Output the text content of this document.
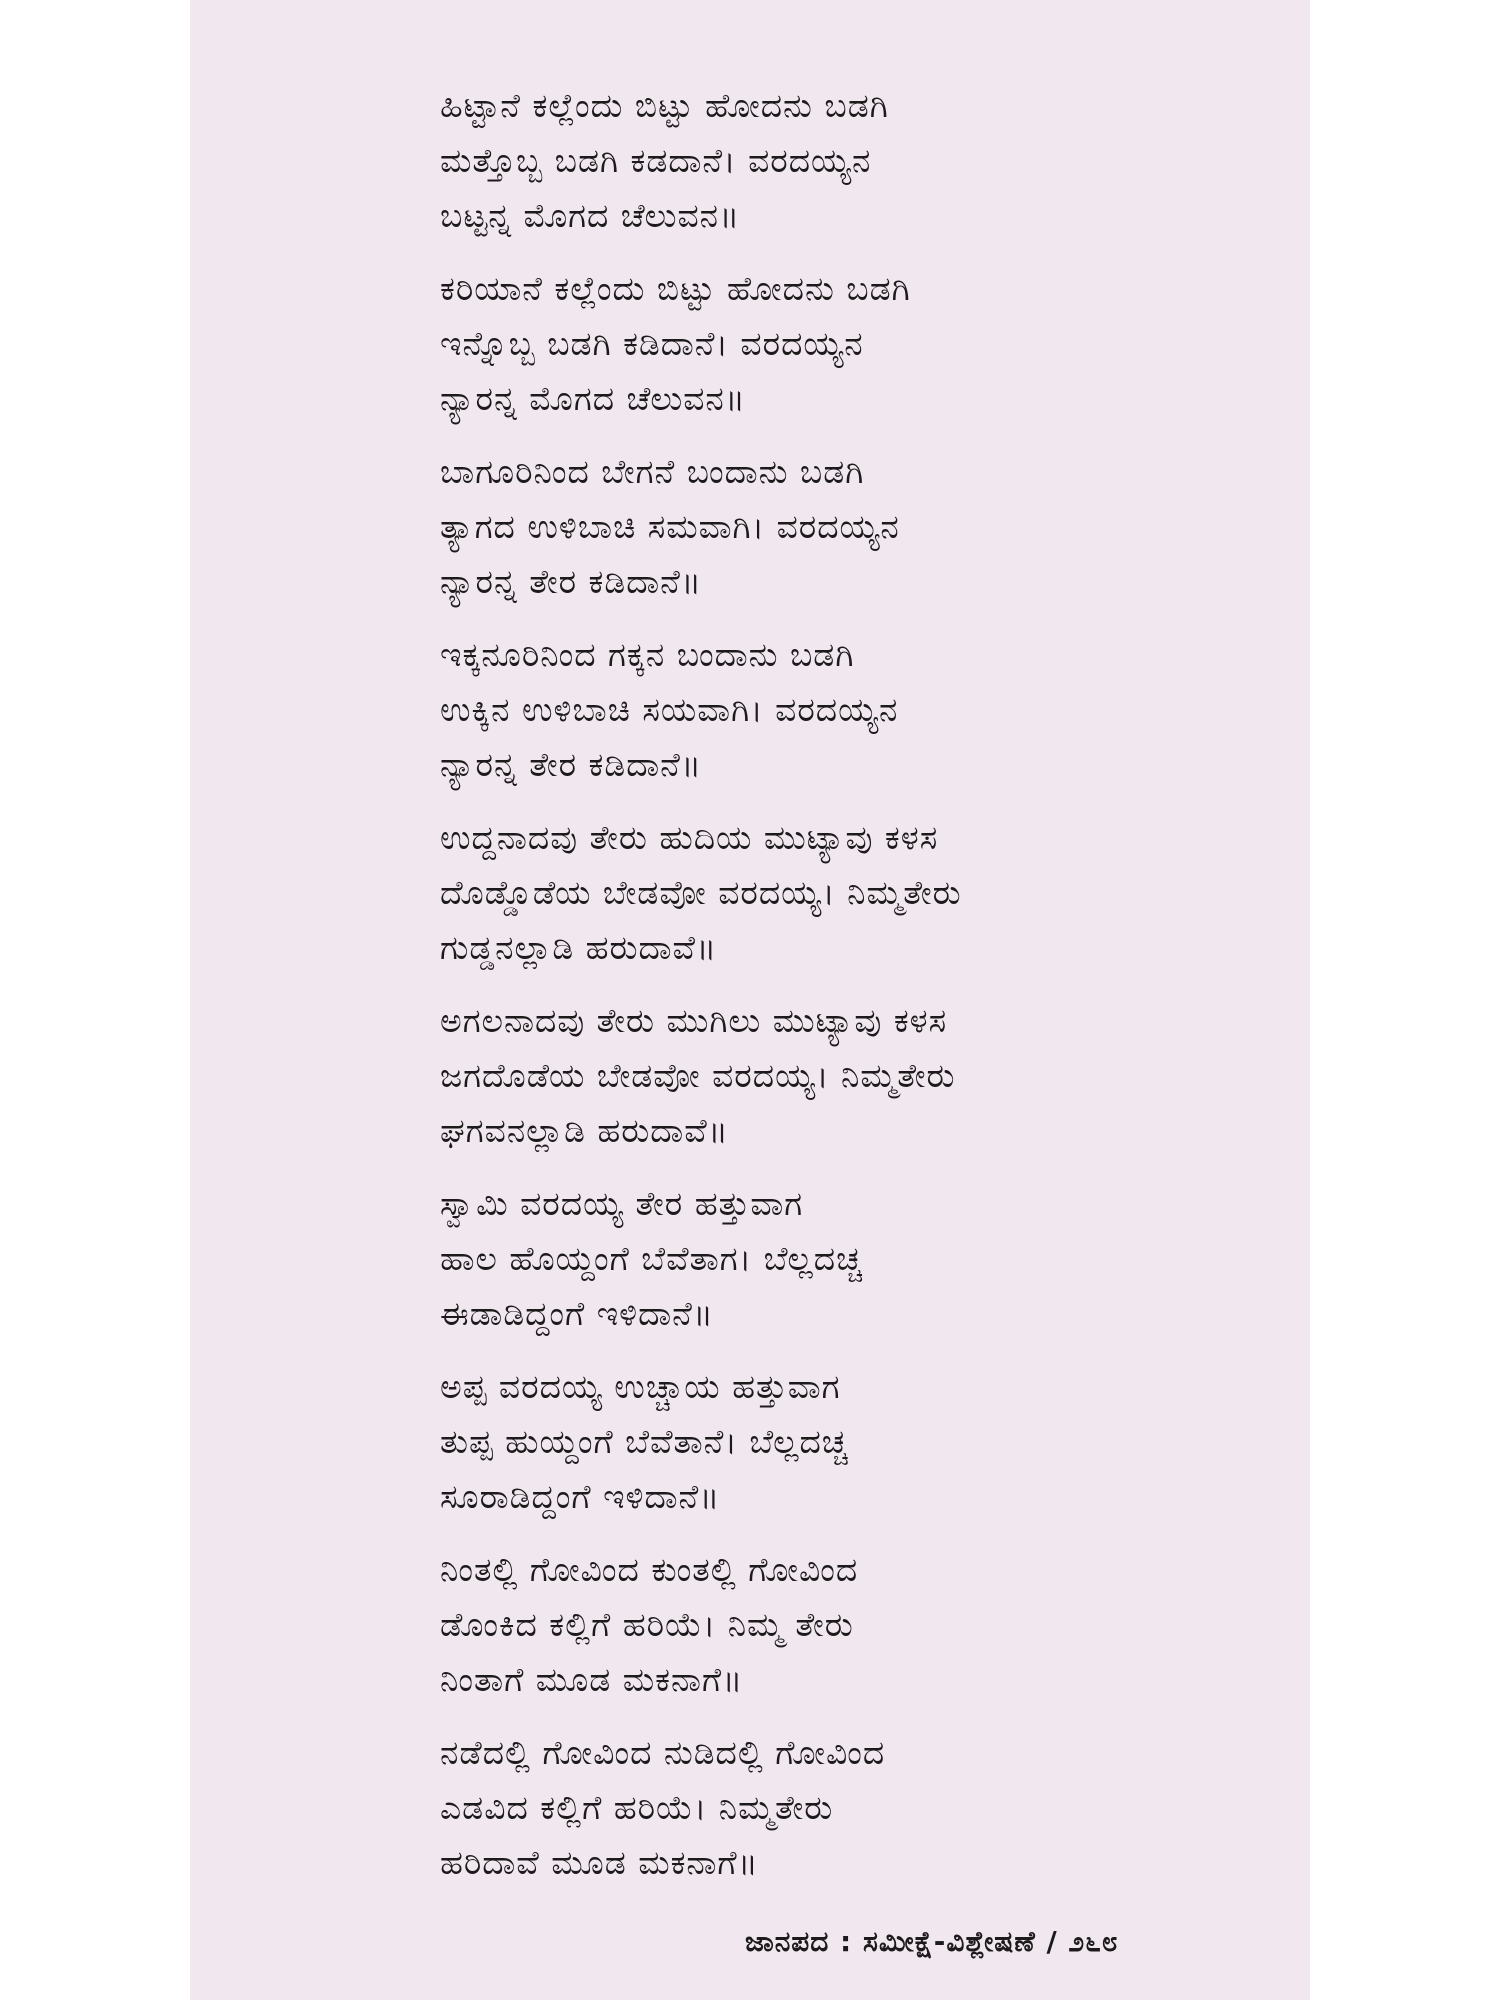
ಹಿಟ್ಟಾನೆ ಕಲ್ಲೆಂದು ಬಿಟ್ಟು ಹೋದನು ಬಡಗಿ
ಮತ್ತೊಬ್ಬ ಬಡಗಿ ಕಡದಾನೆ। ವರದಯ್ಯನ
ಬಟ್ಟನ್ನ ಮೊಗದ ಚೆಲುವನ॥
ಕರಿಯಾನೆ ಕಲ್ಲೆಂದು ಬಿಟ್ಟು ಹೋದನು ಬಡಗಿ
ಇನ್ನೊಬ್ಬ ಬಡಗಿ ಕಡಿದಾನೆ। ವರದಯ್ಯನ
ನ್ಯಾರನ್ನ ಮೊಗದ ಚೆಲುವನ॥
ಬಾಗೂರಿನಿಂದ ಬೇಗನೆ ಬಂದಾನು ಬಡಗಿ
ತ್ಯಾಗದ ಉಳಿಬಾಚಿ ಸಮವಾಗಿ। ವರದಯ್ಯನ
ನ್ಯಾರನ್ನ ತೇರ ಕಡಿದಾನೆ॥
ಇಕ್ಕನೂರಿನಿಂದ ಗಕ್ಕನ ಬಂದಾನು ಬಡಗಿ
ಉಕ್ಕಿನ ಉಳಿಬಾಚಿ ಸಯವಾಗಿ। ವರದಯ್ಯನ
ನ್ಯಾರನ್ನ ತೇರ ಕಡಿದಾನೆ॥
ಉದ್ದನಾದವು ತೇರು ಹುದಿಯ ಮುಟ್ಯಾವು ಕಳಸ
ದೊಡ್ಡೊಡೆಯ ಬೇಡವೋ ವರದಯ್ಯ। ನಿಮ್ಮತೇರು
ಗುಡ್ಡನಲ್ಲಾಡಿ ಹರುದಾವೆ॥
ಅಗಲನಾದವು ತೇರು ಮುಗಿಲು ಮುಟ್ಯಾವು ಕಳಸ
ಜಗದೊಡೆಯ ಬೇಡವೋ ವರದಯ್ಯ। ನಿಮ್ಮತೇರು
ಘಗವನಲ್ಲಾಡಿ ಹರುದಾವೆ॥
ಸ್ವಾಮಿ ವರದಯ್ಯ ತೇರ ಹತ್ತುವಾಗ
ಹಾಲ ಹೊಯ್ದಂಗೆ ಬೆವೆತಾಗ। ಬೆಲ್ಲದಚ್ಚ
ಈಡಾಡಿದ್ದಂಗೆ ಇಳಿದಾನೆ॥
ಅಪ್ಪ ವರದಯ್ಯ ಉಚ್ಚಾಯ ಹತ್ತುವಾಗ
ತುಪ್ಪ ಹುಯ್ದಂಗೆ ಬೆವೆತಾನೆ। ಬೆಲ್ಲದಚ್ಚ
ಸೂರಾಡಿದ್ದಂಗೆ ಇಳಿದಾನೆ॥
ನಿಂತಲ್ಲಿ ಗೋವಿಂದ ಕುಂತಲ್ಲಿ ಗೋವಿಂದ
ಡೊಂಕಿದ ಕಲ್ಲಿಗೆ ಹರಿಯೆ। ನಿಮ್ಮ ತೇರು
ನಿಂತಾಗೆ ಮೂಡ ಮಕನಾಗೆ॥
ನಡೆದಲ್ಲಿ ಗೋವಿಂದ ನುಡಿದಲ್ಲಿ ಗೋವಿಂದ
ಎಡವಿದ ಕಲ್ಲಿಗೆ ಹರಿಯೆ। ನಿಮ್ಮತೇರು
ಹರಿದಾವೆ ಮೂಡ ಮಕನಾಗೆ॥
ಜಾನಪದ : ಸಮೀಕ್ಷೆ-ವಿಶ್ಲೇಷಣೆ / ೨೬೮
